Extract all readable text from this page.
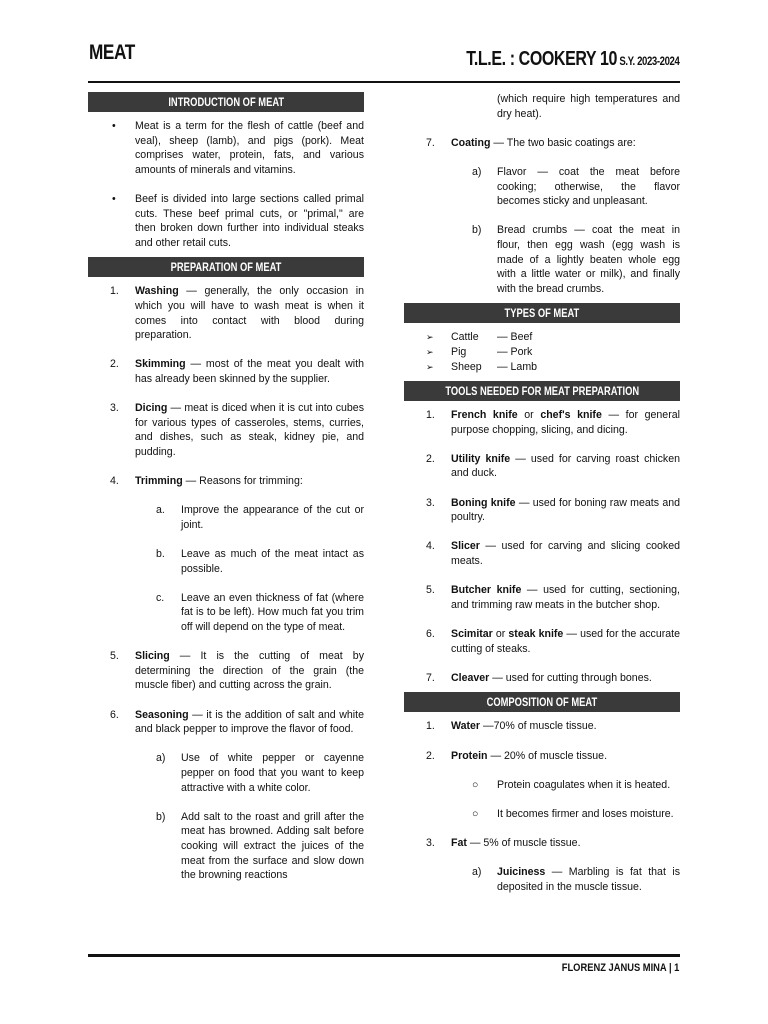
MEAT	T.L.E. : COOKERY 10 S.Y. 2023-2024
INTRODUCTION OF MEAT
• Meat is a term for the flesh of cattle (beef and veal), sheep (lamb), and pigs (pork). Meat comprises water, protein, fats, and various amounts of minerals and vitamins.

• Beef is divided into large sections called primal cuts. These beef primal cuts, or "primal," are then broken down further into individual steaks and other retail cuts.

PREPARATION OF MEAT
1. Washing — generally, the only occasion in which you will have to wash meat is when it comes into contact with blood during preparation.

2. Skimming — most of the meat you dealt with has already been skinned by the supplier.

3. Dicing — meat is diced when it is cut into cubes for various types of casseroles, stems, curries, and dishes, such as steak, kidney pie, and pudding.

4. Trimming — Reasons for trimming:

a. Improve the appearance of the cut or joint.

b. Leave as much of the meat intact as possible.

c. Leave an even thickness of fat (where fat is to be left). How much fat you trim off will depend on the type of meat.

5. Slicing — It is the cutting of meat by determining the direction of the grain (the muscle fiber) and cutting across the grain.

6. Seasoning — it is the addition of salt and white and black pepper to improve the flavor of food.

a) Use of white pepper or cayenne pepper on food that you want to keep attractive with a white color.

b) Add salt to the roast and grill after the meat has browned. Adding salt before cooking will extract the juices of the meat from the surface and slow down the browning reactions

(which require high temperatures and dry heat).

7. Coating — The two basic coatings are:

a) Flavor — coat the meat before cooking; otherwise, the flavor becomes sticky and unpleasant.

b) Bread crumbs — coat the meat in flour, then egg wash (egg wash is made of a lightly beaten whole egg with a little water or milk), and finally with the bread crumbs.

TYPES OF MEAT
➢ Cattle — Beef
➢ Pig	— Pork
➢ Sheep — Lamb
TOOLS NEEDED FOR MEAT PREPARATION
1. French knife or chef's knife — for general purpose chopping, slicing, and dicing.

2. Utility knife — used for carving roast chicken and duck.

3. Boning knife — used for boning raw meats and poultry.

4. Slicer — used for carving and slicing cooked meats.

5. Butcher knife — used for cutting, sectioning, and trimming raw meats in the butcher shop.

6. Scimitar or steak knife — used for the accurate cutting of steaks.

7. Cleaver — used for cutting through bones.

COMPOSITION OF MEAT
1. Water —70% of muscle tissue.

2. Protein — 20% of muscle tissue.

○ Protein coagulates when it is heated.

○ It becomes firmer and loses moisture.

3. Fat — 5% of muscle tissue.

a) Juiciness — Marbling is fat that is deposited in the muscle tissue.

FLORENZ JANUS MINA | 1
